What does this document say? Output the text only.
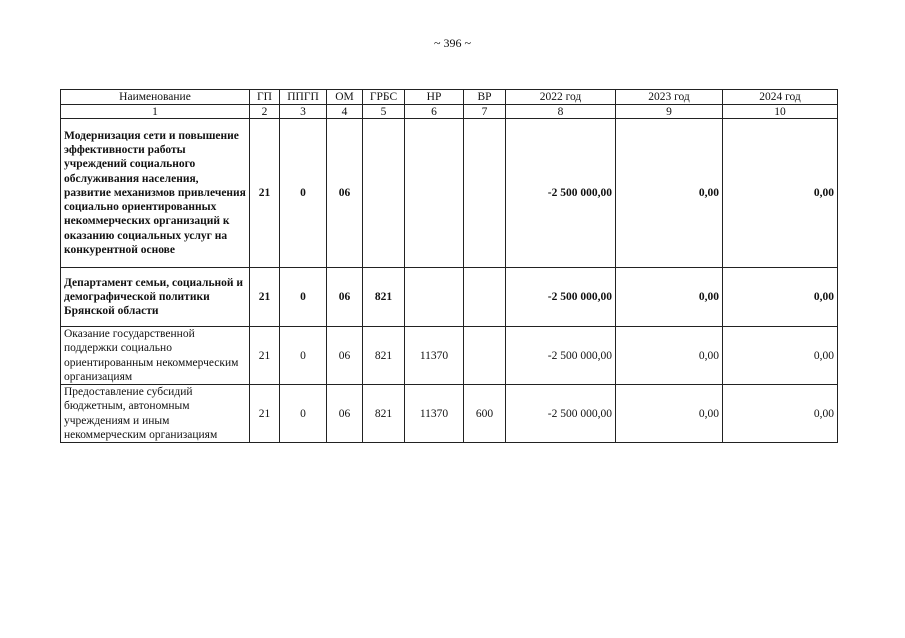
~ 396 ~
Наименование	ГП	ППГП	ОМ	ГРБС	НР	ВР	2022 год	2023 год	2024 год
1	2	3	4	5	6	7	8	9	10
Модернизация сети и повышение эффективности работы учреждений социального обслуживания населения, развитие механизмов привлечения социально ориентированных некоммерческих организаций к оказанию социальных услуг на конкурентной основе	21	0	06				-2 500 000,00	0,00	0,00
Департамент семьи, социальной и демографической политики Брянской области	21	0	06	821			-2 500 000,00	0,00	0,00
Оказание государственной поддержки социально ориентированным некоммерческим организациям	21	0	06	821	11370		-2 500 000,00	0,00	0,00
Предоставление субсидий бюджетным, автономным учреждениям и иным некоммерческим организациям	21	0	06	821	11370	600	-2 500 000,00	0,00	0,00
